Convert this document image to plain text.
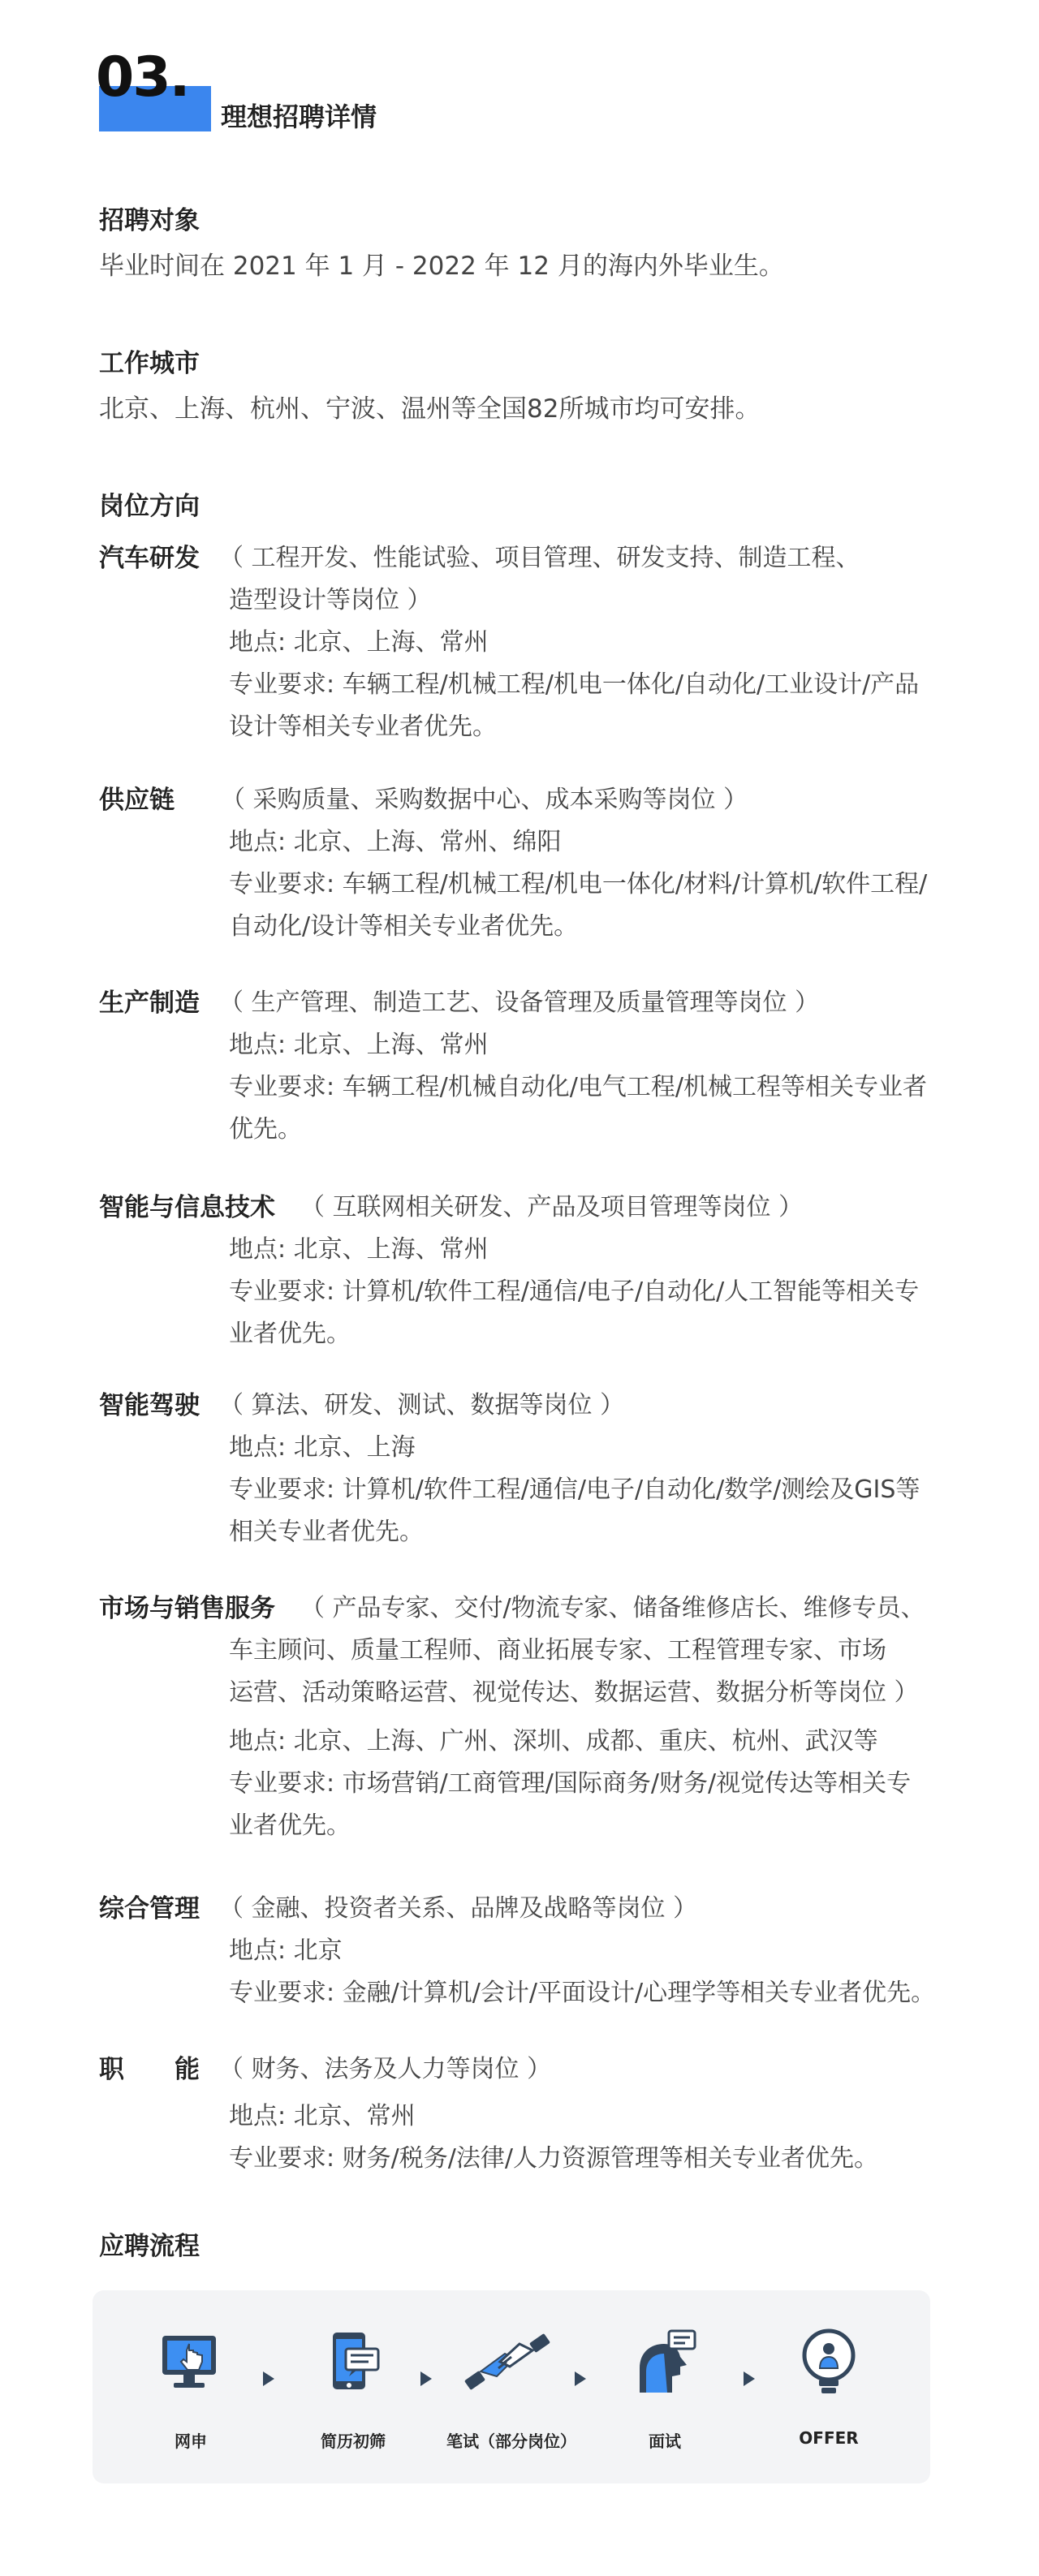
03.
理想招聘详情
招聘对象
毕业时间在 2021 年 1 月 - 2022 年 12 月的海内外毕业生。
工作城市
北京、上海、杭州、宁波、温州等全国82所城市均可安排。
岗位方向
汽车研发 （ 工程开发、性能试验、项目管理、研发支持、制造工程、
造型设计等岗位 ）
地点: 北京、上海、常州
专业要求: 车辆工程/机械工程/机电一体化/自动化/工业设计/产品
设计等相关专业者优先。
供应链 （ 采购质量、采购数据中心、成本采购等岗位 ）
地点: 北京、上海、常州、绵阳
专业要求: 车辆工程/机械工程/机电一体化/材料/计算机/软件工程/
自动化/设计等相关专业者优先。
生产制造 （ 生产管理、制造工艺、设备管理及质量管理等岗位 ）
地点: 北京、上海、常州
专业要求: 车辆工程/机械自动化/电气工程/机械工程等相关专业者
优先。
智能与信息技术 （ 互联网相关研发、产品及项目管理等岗位 ）
地点: 北京、上海、常州
专业要求: 计算机/软件工程/通信/电子/自动化/人工智能等相关专
业者优先。
智能驾驶 （ 算法、研发、测试、数据等岗位 ）
地点: 北京、上海
专业要求: 计算机/软件工程/通信/电子/自动化/数学/测绘及GIS等
相关专业者优先。
市场与销售服务 （ 产品专家、交付/物流专家、储备维修店长、维修专员、
车主顾问、质量工程师、商业拓展专家、工程管理专家、市场
运营、活动策略运营、视觉传达、数据运营、数据分析等岗位 ）
地点: 北京、上海、广州、深圳、成都、重庆、杭州、武汉等
专业要求: 市场营销/工商管理/国际商务/财务/视觉传达等相关专
业者优先。
综合管理 （ 金融、投资者关系、品牌及战略等岗位 ）
地点: 北京
专业要求: 金融/计算机/会计/平面设计/心理学等相关专业者优先。
职　　能 （ 财务、法务及人力等岗位 ）
地点: 北京、常州
专业要求: 财务/税务/法律/人力资源管理等相关专业者优先。
应聘流程
网申	简历初筛	笔试（部分岗位）	面试	OFFER
